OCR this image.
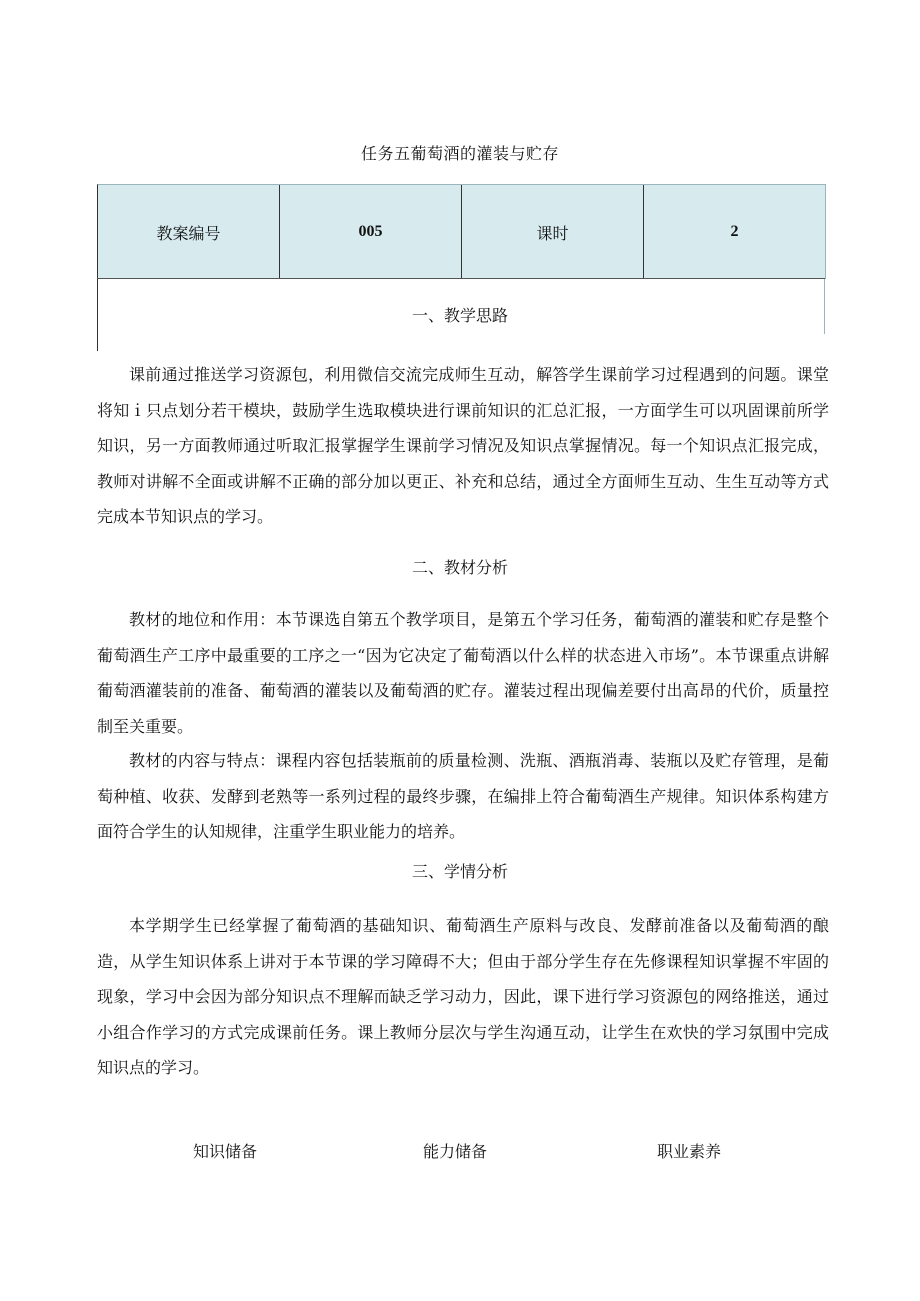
任务五葡萄酒的灌装与贮存
教案编号	005	课时	2
一、教学思路

课前通过推送学习资源包，利用微信交流完成师生互动，解答学生课前学习过程遇到的问题。课堂将知ｉ只点划分若干模块，鼓励学生选取模块进行课前知识的汇总汇报，一方面学生可以巩固课前所学知识，另一方面教师通过听取汇报掌握学生课前学习情况及知识点掌握情况。每一个知识点汇报完成，教师对讲解不全面或讲解不正确的部分加以更正、补充和总结，通过全方面师生互动、生生互动等方式完成本节知识点的学习。

二、教材分析

教材的地位和作用：本节课选自第五个教学项目，是第五个学习任务，葡萄酒的灌装和贮存是整个葡萄酒生产工序中最重要的工序之一“因为它决定了葡萄酒以什么样的状态进入市场”。本节课重点讲解葡萄酒灌装前的准备、葡萄酒的灌装以及葡萄酒的贮存。灌装过程出现偏差要付出高昂的代价，质量控制至关重要。

教材的内容与特点：课程内容包括装瓶前的质量检测、洗瓶、酒瓶消毒、装瓶以及贮存管理，是葡萄种植、收获、发酵到老熟等一系列过程的最终步骤，在编排上符合葡萄酒生产规律。知识体系构建方面符合学生的认知规律，注重学生职业能力的培养。

三、学情分析

本学期学生已经掌握了葡萄酒的基础知识、葡萄酒生产原料与改良、发酵前准备以及葡萄酒的酿造，从学生知识体系上讲对于本节课的学习障碍不大；但由于部分学生存在先修课程知识掌握不牢固的现象，学习中会因为部分知识点不理解而缺乏学习动力，因此，课下进行学习资源包的网络推送，通过小组合作学习的方式完成课前任务。课上教师分层次与学生沟通互动，让学生在欢快的学习氛围中完成知识点的学习。

知识储备	能力储备	职业素养
